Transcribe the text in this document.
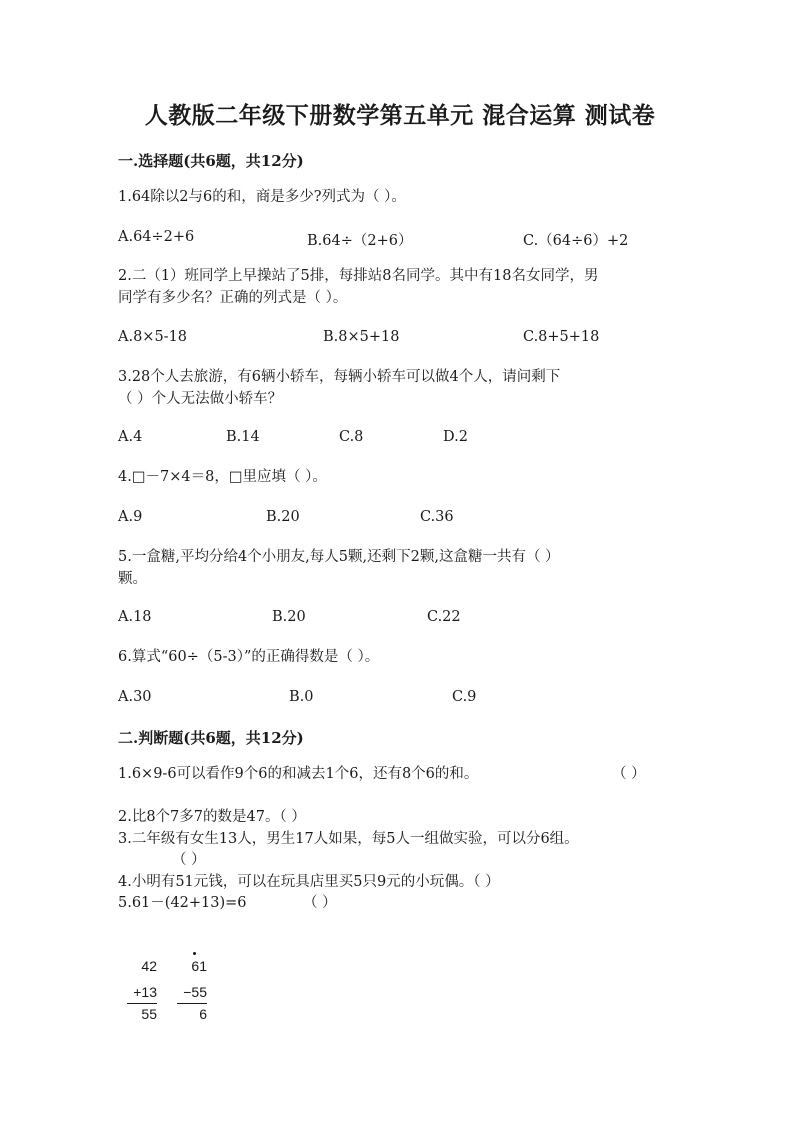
人教版二年级下册数学第五单元 混合运算 测试卷
一.选择题(共6题，共12分)
1.64除以2与6的和，商是多少?列式为（ ）。
A.64÷2+6	B.64÷（2+6）	C.（64÷6）+2
2.二（1）班同学上早操站了5排，每排站8名同学。其中有18名女同学，男
同学有多少名？正确的列式是（ ）。
A.8×5-18	B.8×5+18	C.8+5+18
3.28个人去旅游，有6辆小轿车，每辆小轿车可以做4个人，请问剩下
（ ）个人无法做小轿车？
A.4	B.14	C.8	D.2
4.□－7×4＝8，□里应填（ ）。
A.9	B.20	C.36
5.一盒糖,平均分给4个小朋友,每人5颗,还剩下2颗,这盒糖一共有（ ）
颗。
A.18	B.20	C.22
6.算式“60÷（5-3）”的正确得数是（ ）。
A.30	B.0	C.9
二.判断题(共6题，共12分)
1.6×9-6可以看作9个6的和减去1个6，还有8个6的和。	（ ）
2.比8个7多7的数是47。（ ）
3.二年级有女生13人，男生17人如果，每5人一组做实验，可以分6组。
（ ）
4.小明有51元钱，可以在玩具店里买5只9元的小玩偶。（ ）
5.61－(42+13)=6	（ ）
42
+13
55
61
−55
6
